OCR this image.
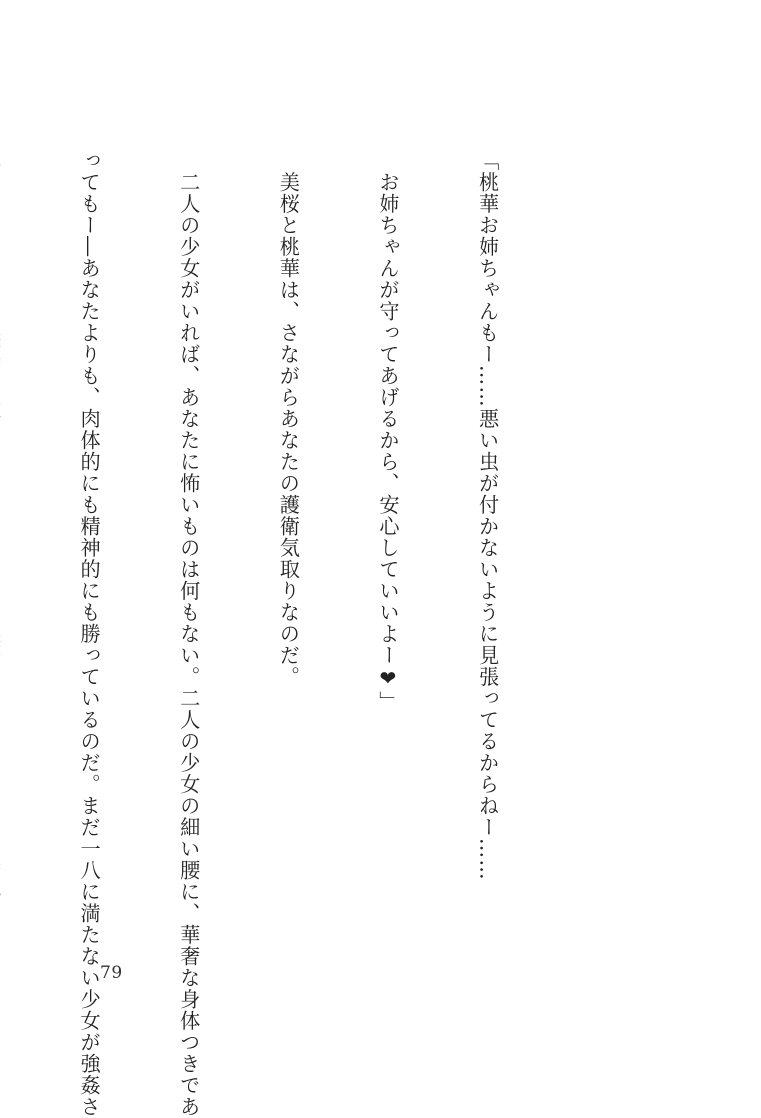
「桃華お姉ちゃんもー……悪い虫が付かないように見張ってるからねー……

　お姉ちゃんが守ってあげるから、安心していいよー❤」

　美桜と桃華は、さながらあなたの護衛気取りなのだ。

　二人の少女がいれば、あなたに怖いものは何もない。二人の少女の細い腰に、華奢な身体つきであ

ってもー―あなたよりも、肉体的にも精神的にも勝っているのだ。まだ一八に満たない少女が強姦さ

79
